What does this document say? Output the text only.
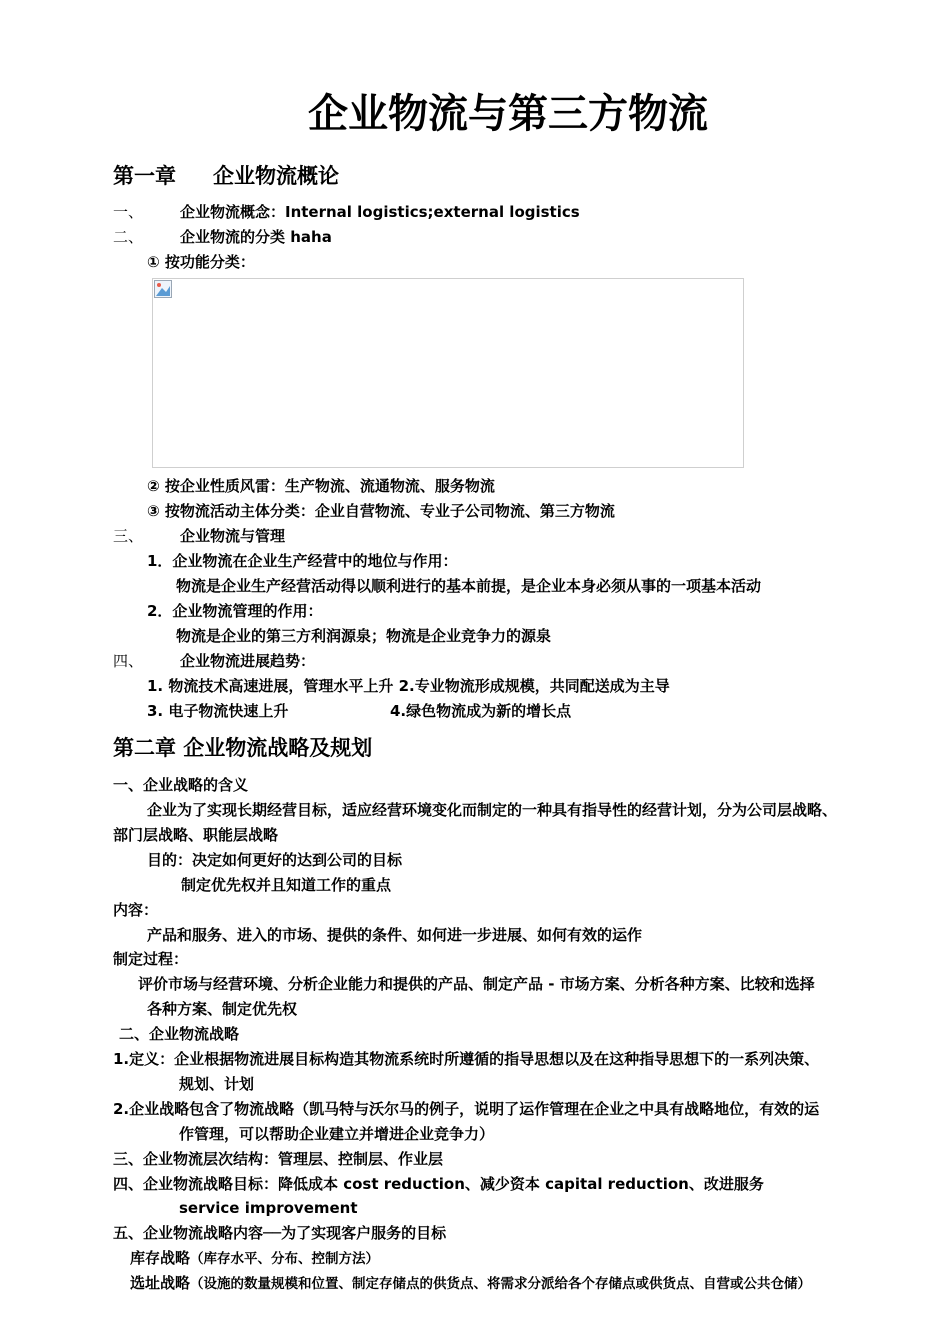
企业物流与第三方物流
第一章 企业物流概论
一、 企业物流概念：Internal logistics;external logistics
二、 企业物流的分类 haha
① 按功能分类：
② 按企业性质风雷：生产物流、流通物流、服务物流
③ 按物流活动主体分类：企业自营物流、专业子公司物流、第三方物流
三、 企业物流与管理
1．企业物流在企业生产经营中的地位与作用：
物流是企业生产经营活动得以顺利进行的基本前提，是企业本身必须从事的一项基本活动
2．企业物流管理的作用：
物流是企业的第三方利润源泉；物流是企业竞争力的源泉
四、 企业物流进展趋势：
1. 物流技术高速进展，管理水平上升 2.专业物流形成规模，共同配送成为主导
3. 电子物流快速上升	4.绿色物流成为新的增长点
第二章 企业物流战略及规划
一、企业战略的含义
企业为了实现长期经营目标，适应经营环境变化而制定的一种具有指导性的经营计划，分为公司层战略、
部门层战略、职能层战略
目的：决定如何更好的达到公司的目标
制定优先权并且知道工作的重点
内容：
产品和服务、进入的市场、提供的条件、如何进一步进展、如何有效的运作
制定过程：
评价市场与经营环境、分析企业能力和提供的产品、制定产品 - 市场方案、分析各种方案、比较和选择
各种方案、制定优先权
二、企业物流战略
1.定义：企业根据物流进展目标构造其物流系统时所遵循的指导思想以及在这种指导思想下的一系列决策、
规划、计划
2.企业战略包含了物流战略（凯马特与沃尔马的例子，说明了运作管理在企业之中具有战略地位，有效的运
作管理，可以帮助企业建立并增进企业竞争力）
三、企业物流层次结构：管理层、控制层、作业层
四、企业物流战略目标：降低成本 cost reduction、减少资本 capital reduction、改进服务
service improvement
五、企业物流战略内容──为了实现客户服务的目标
库存战略（库存水平、分布、控制方法）
选址战略（设施的数量规模和位置、制定存储点的供货点、将需求分派给各个存储点或供货点、自营或公共仓储）
